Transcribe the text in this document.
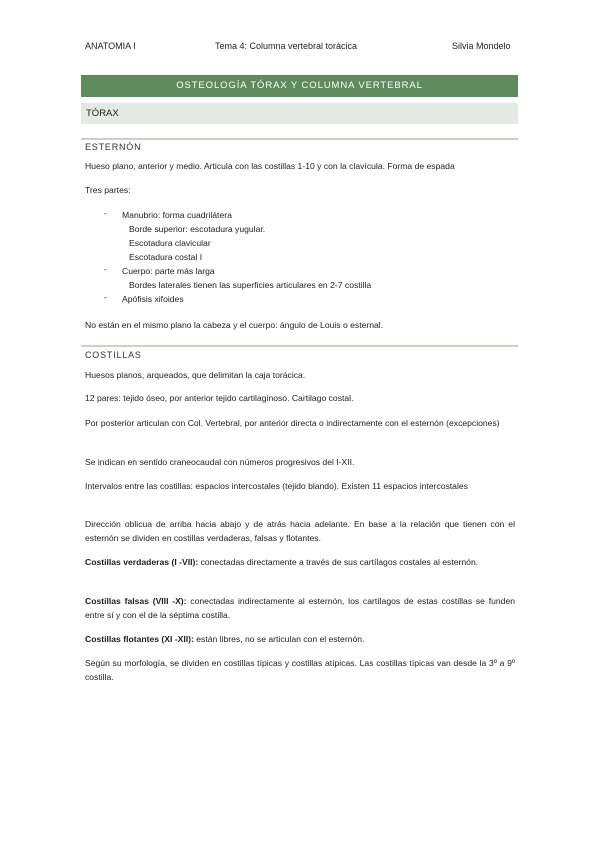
ANATOMIA I	Tema 4: Columna vertebral torácica	Silvia Mondelo
OSTEOLOGÍA TÓRAX Y COLUMNA VERTEBRAL
TÓRAX
ESTERNÓN
Hueso plano, anterior y medio. Articula con las costillas 1-10 y con la clavícula. Forma de espada
Tres partes:
- Manubrio: forma cuadrilátera
Borde superior: escotadura yugular.
Escotadura clavicular
Escotadura costal I
- Cuerpo: parte más larga
Bordes laterales tienen las superficies articulares en 2-7 costilla
- Apófisis xifoides
No están en el mismo plano la cabeza y el cuerpo: ángulo de Louis o esternal.
COSTILLAS
Huesos planos, arqueados, que delimitan la caja torácica.
12 pares: tejido óseo, por anterior tejido cartilaginoso. Cartilago costal.
Por posterior articulan con Col. Vertebral, por anterior directa o indirectamente con el esternón (excepciones)
Se indican en sentido craneocaudal con números progresivos del I-XII.
Intervalos entre las costillas: espacios intercostales (tejido blando). Existen 11 espacios intercostales
Dirección oblicua de arriba hacia abajo y de atrás hacia adelante. En base a la relación que tienen con el esternón se dividen en costillas verdaderas, falsas y flotantes.
Costillas verdaderas (I -VII): conectadas directamente a través de sus cartílagos costales al esternón.
Costillas falsas (VIII -X): conectadas indirectamente al esternón, los cartílagos de estas costillas se funden entre sí y con el de la séptima costilla.
Costillas flotantes (XI -XII): están libres, no se articulan con el esternón.
Según su morfología, se dividen en costillas típicas y costillas atípicas. Las costillas típicas van desde la 3º a 9º costilla.
